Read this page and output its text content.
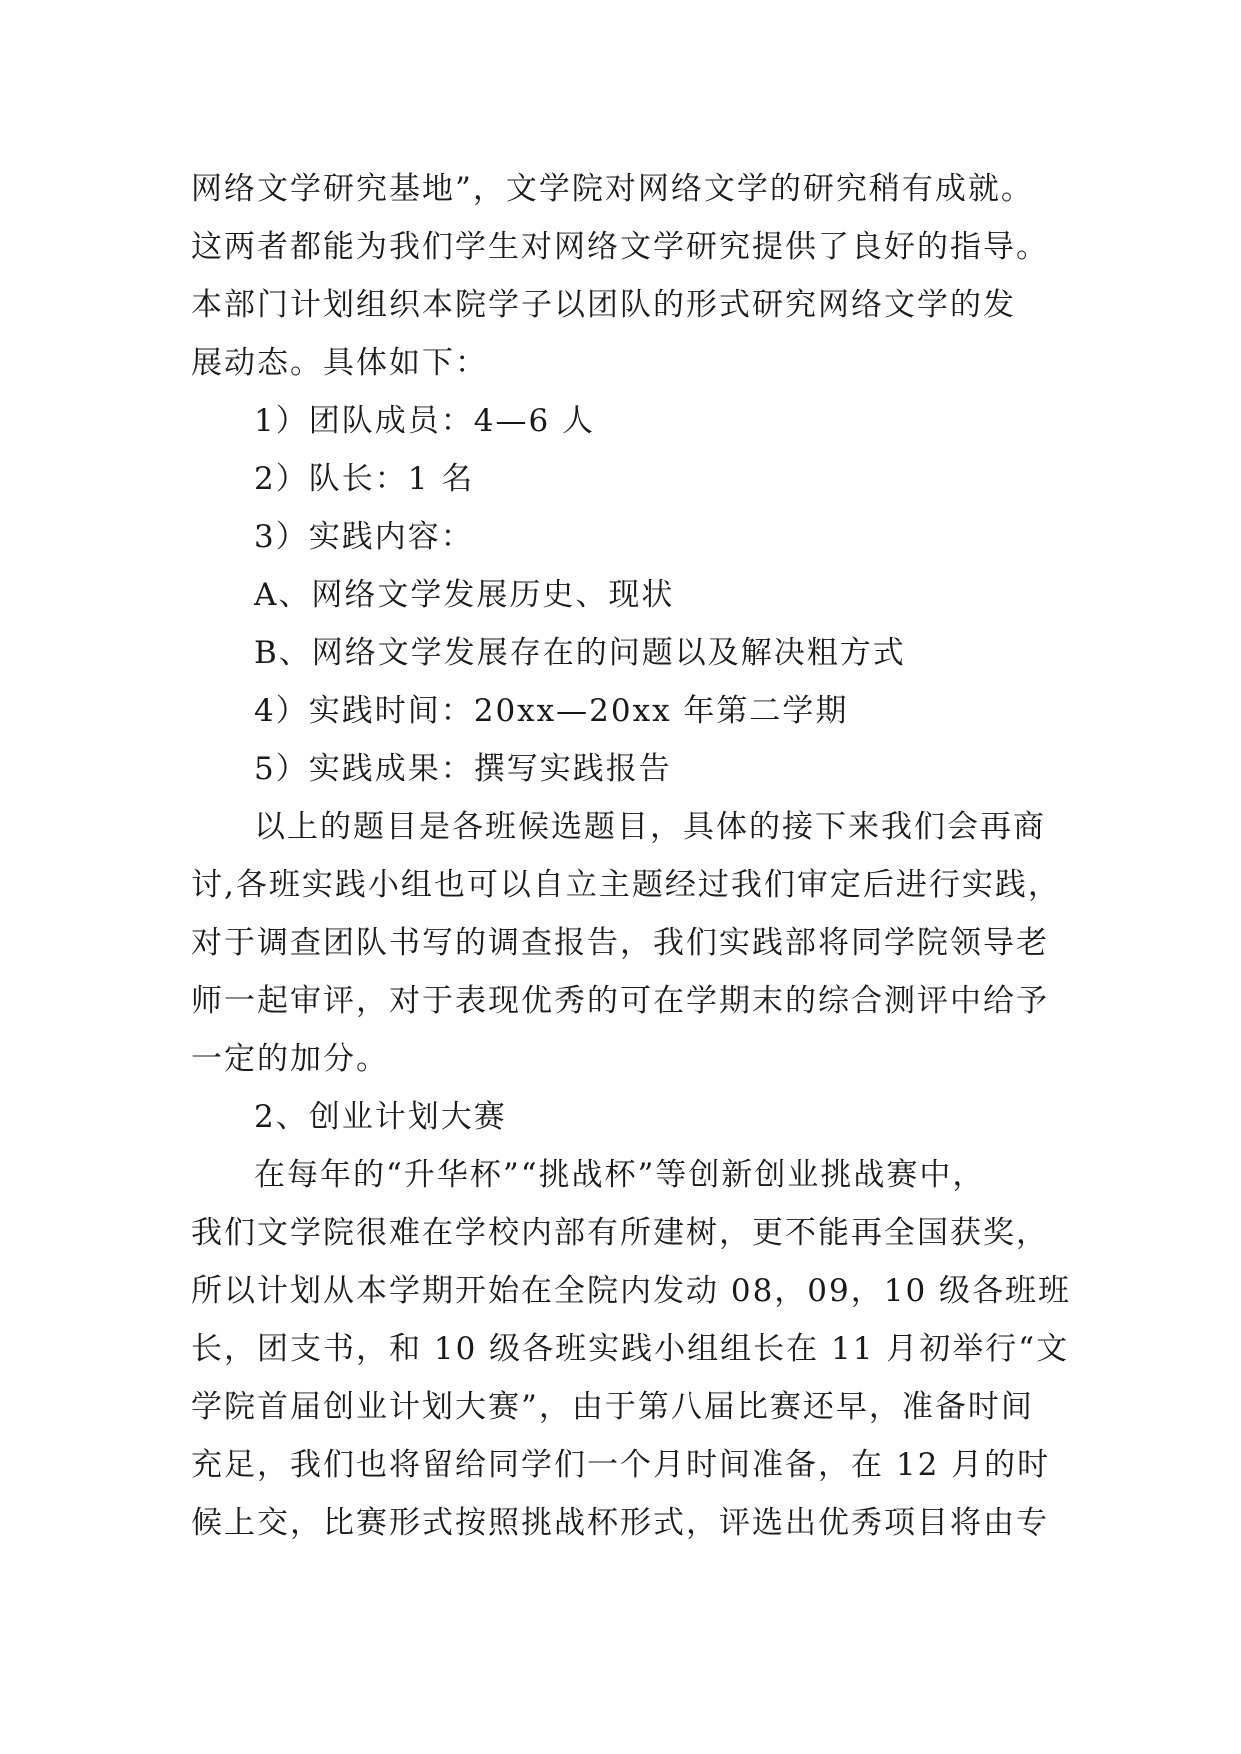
网络文学研究基地”，文学院对网络文学的研究稍有成就。
这两者都能为我们学生对网络文学研究提供了良好的指导。
本部门计划组织本院学子以团队的形式研究网络文学的发
展动态。具体如下：
1）团队成员：4—6 人
2）队长：1 名
3）实践内容：
A、网络文学发展历史、现状
B、网络文学发展存在的问题以及解决粗方式
4）实践时间：20xx—20xx 年第二学期
5）实践成果：撰写实践报告
以上的题目是各班候选题目，具体的接下来我们会再商
讨,各班实践小组也可以自立主题经过我们审定后进行实践，
对于调查团队书写的调查报告，我们实践部将同学院领导老
师一起审评，对于表现优秀的可在学期末的综合测评中给予
一定的加分。
2、创业计划大赛
在每年的“升华杯”“挑战杯”等创新创业挑战赛中，
我们文学院很难在学校内部有所建树，更不能再全国获奖，
所以计划从本学期开始在全院内发动 08，09，10 级各班班
长，团支书，和 10 级各班实践小组组长在 11 月初举行“文
学院首届创业计划大赛”，由于第八届比赛还早，准备时间
充足，我们也将留给同学们一个月时间准备，在 12 月的时
候上交，比赛形式按照挑战杯形式，评选出优秀项目将由专
